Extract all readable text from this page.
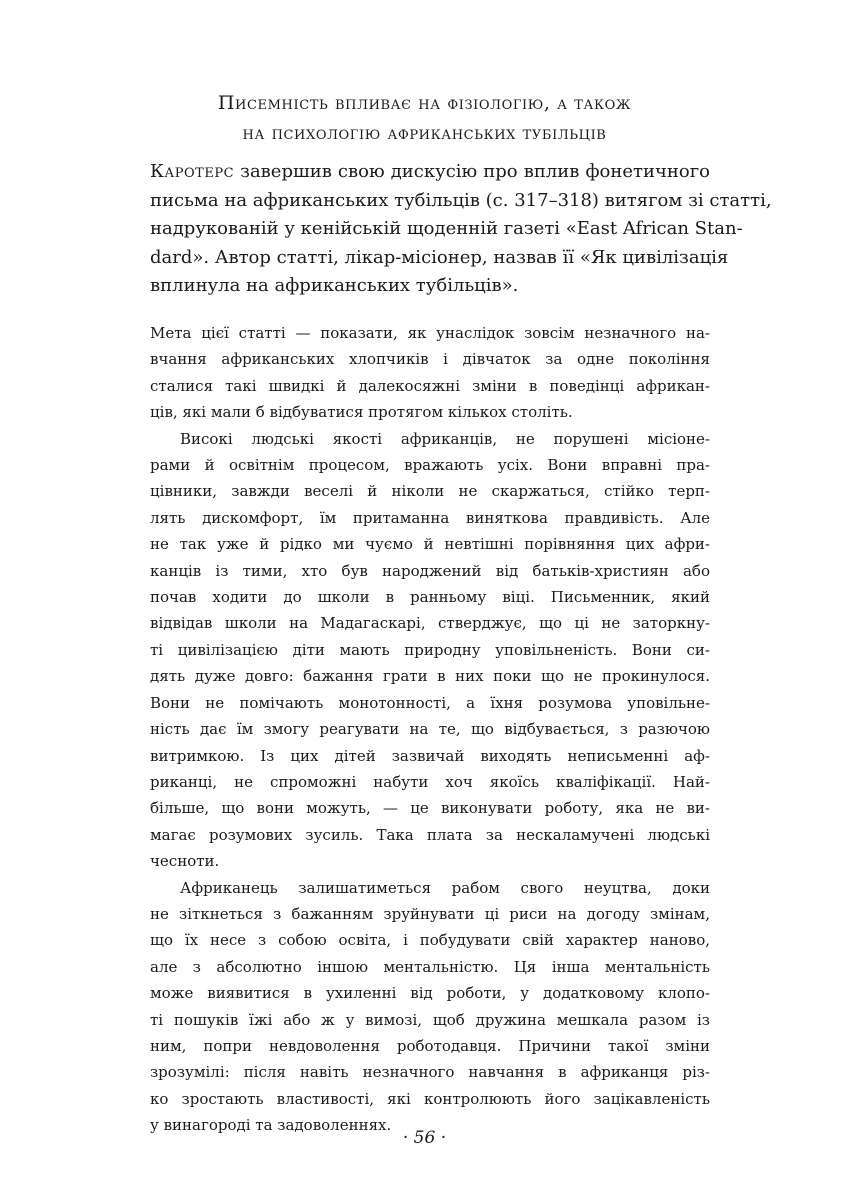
Писемність впливає на фізіологію, а також
на психологію африканських тубільців
Каротерс завершив свою дискусію про вплив фонетичного
письма на африканських тубільців (с. 317–318) витягом зі статті,
надрукованій у кенійській щоденній газеті «East African Stan-
dard». Автор статті, лікар-місіонер, назвав її «Як цивілізація
вплинула на африканських тубільців».
Мета цієї статті — показати, як унаслідок зовсім незначного на-
вчання африканських хлопчиків і дівчаток за одне покоління
сталися такі швидкі й далекосяжні зміни в поведінці африкан-
ців, які мали б відбуватися протягом кількох століть.
Високі людські якості африканців, не порушені місіоне-
рами й освітнім процесом, вражають усіх. Вони вправні пра-
цівники, завжди веселі й ніколи не скаржаться, стійко терп-
лять дискомфорт, їм притаманна виняткова правдивість. Але
не так уже й рідко ми чуємо й невтішні порівняння цих афри-
канців із тими, хто був народжений від батьків-християн або
почав ходити до школи в ранньому віці. Письменник, який
відвідав школи на Мадагаскарі, стверджує, що ці не заторкну-
ті цивілізацією діти мають природну уповільненість. Вони си-
дять дуже довго: бажання грати в них поки що не прокинулося.
Вони не помічають монотонності, а їхня розумова уповільне-
ність дає їм змогу реагувати на те, що відбувається, з разючою
витримкою. Із цих дітей зазвичай виходять неписьменні аф-
риканці, не спроможні набути хоч якоїсь кваліфікації. Най-
більше, що вони можуть, — це виконувати роботу, яка не ви-
магає розумових зусиль. Така плата за нескаламучені людські
чесноти.
Африканець залишатиметься рабом свого неуцтва, доки
не зіткнеться з бажанням зруйнувати ці риси на догоду змінам,
що їх несе з собою освіта, і побудувати свій характер наново,
але з абсолютно іншою ментальністю. Ця інша ментальність
може виявитися в ухиленні від роботи, у додатковому клопо-
ті пошуків їжі або ж у вимозі, щоб дружина мешкала разом із
ним, попри невдоволення роботодавця. Причини такої зміни
зрозумілі: після навіть незначного навчання в африканця різ-
ко зростають властивості, які контролюють його зацікавленість
у винагороді та задоволеннях.
· 56 ·
